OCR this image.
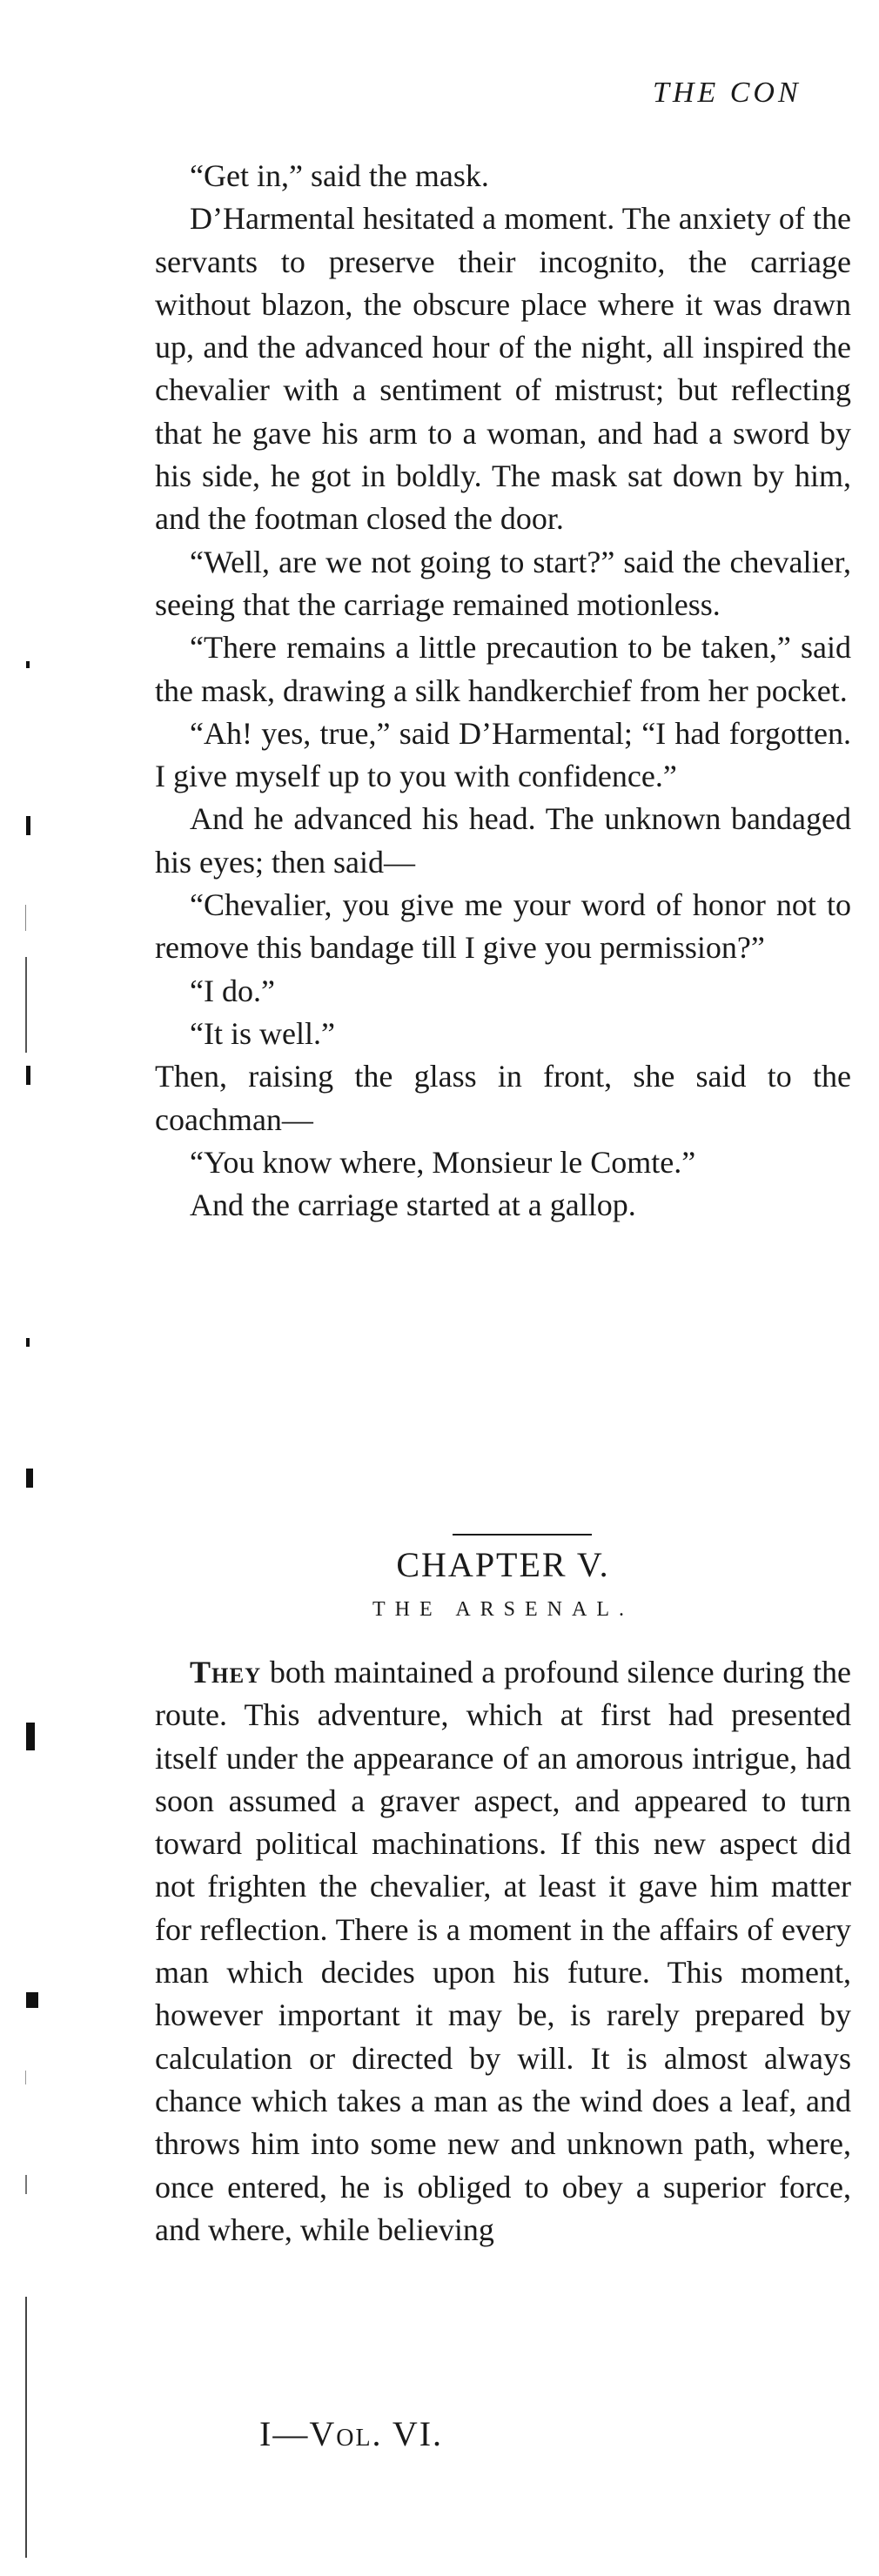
THE CON

“Get in,” said the mask.

D’Harmental hesitated a moment. The anxiety of the servants to preserve their incognito, the carriage without blazon, the obscure place where it was drawn up, and the advanced hour of the night, all inspired the chevalier with a sentiment of mistrust; but reflecting that he gave his arm to a woman, and had a sword by his side, he got in boldly. The mask sat down by him, and the footman closed the door.

“Well, are we not going to start?” said the chevalier, seeing that the carriage remained motionless.

“There remains a little precaution to be taken,” said the mask, drawing a silk handkerchief from her pocket.

“Ah! yes, true,” said D’Harmental; “I had forgotten. I give myself up to you with confidence.”

And he advanced his head. The unknown bandaged his eyes; then said—

“Chevalier, you give me your word of honor not to remove this bandage till I give you permission?”

“I do.”

“It is well.”

Then, raising the glass in front, she said to the coachman—

“You know where, Monsieur le Comte.”

And the carriage started at a gallop.

CHAPTER V.
THE ARSENAL.

They both maintained a profound silence during the route. This adventure, which at first had presented itself under the appearance of an amorous intrigue, had soon assumed a graver aspect, and appeared to turn toward political machinations. If this new aspect did not frighten the chevalier, at least it gave him matter for reflection. There is a moment in the affairs of every man which decides upon his future. This moment, however important it may be, is rarely prepared by calculation or directed by will. It is almost always chance which takes a man as the wind does a leaf, and throws him into some new and unknown path, where, once entered, he is obliged to obey a superior force, and where, while believing

I—Vol. VI.
